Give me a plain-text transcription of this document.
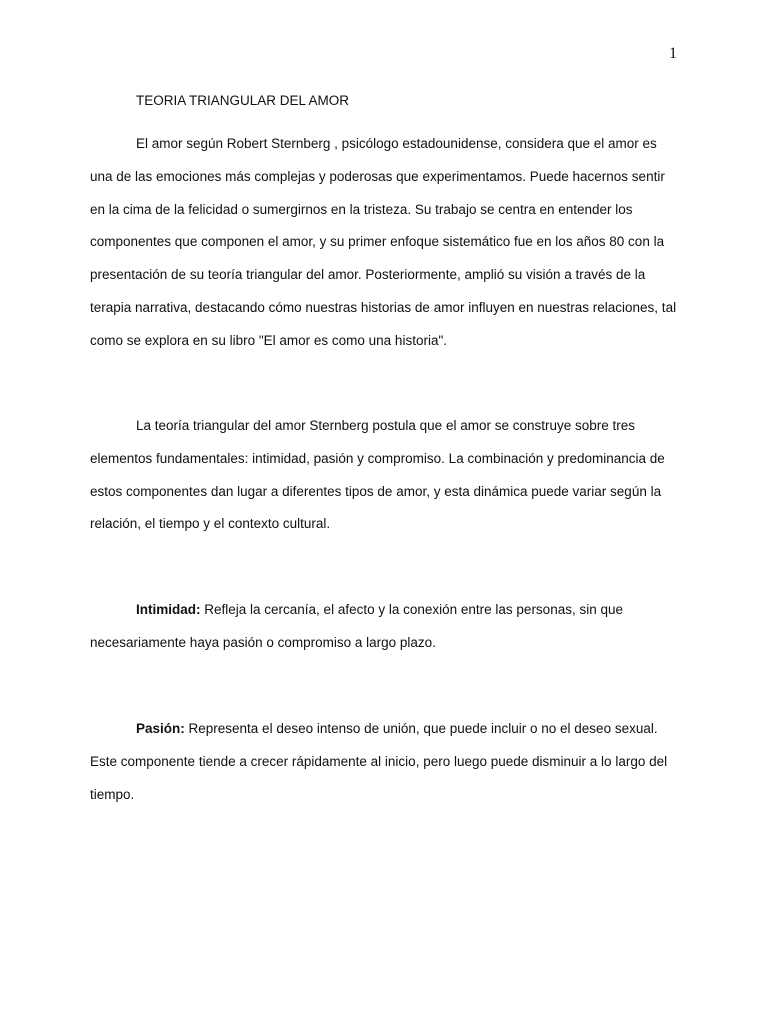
1
TEORIA TRIANGULAR DEL AMOR

El amor según Robert Sternberg , psicólogo estadounidense, considera que el amor es una de las emociones más complejas y poderosas que experimentamos. Puede hacernos sentir en la cima de la felicidad o sumergirnos en la tristeza. Su trabajo se centra en entender los componentes que componen el amor, y su primer enfoque sistemático fue en los años 80 con la presentación de su teoría triangular del amor. Posteriormente, amplió su visión a través de la terapia narrativa, destacando cómo nuestras historias de amor influyen en nuestras relaciones, tal como se explora en su libro "El amor es como una historia".

La teoría triangular del amor Sternberg postula que el amor se construye sobre tres elementos fundamentales: intimidad, pasión y compromiso. La combinación y predominancia de estos componentes dan lugar a diferentes tipos de amor, y esta dinámica puede variar según la relación, el tiempo y el contexto cultural.

Intimidad: Refleja la cercanía, el afecto y la conexión entre las personas, sin que necesariamente haya pasión o compromiso a largo plazo.

Pasión: Representa el deseo intenso de unión, que puede incluir o no el deseo sexual. Este componente tiende a crecer rápidamente al inicio, pero luego puede disminuir a lo largo del tiempo.
